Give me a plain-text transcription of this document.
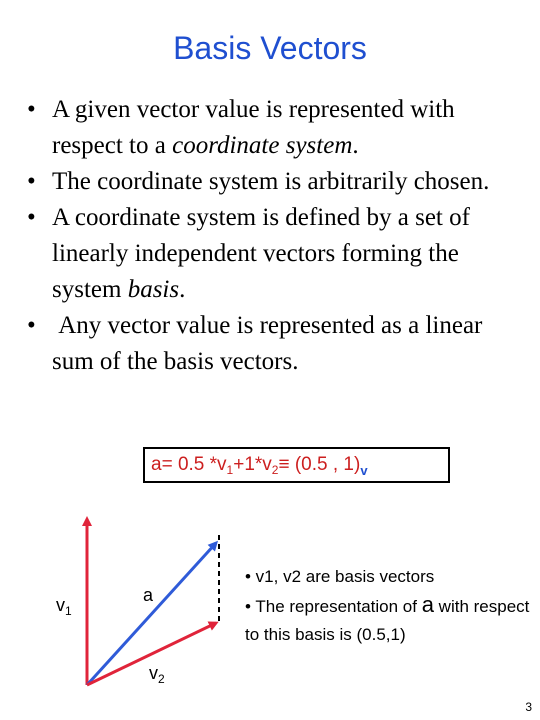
Basis Vectors

• A given vector value is represented with respect to a coordinate system.

• The coordinate system is arbitrarily chosen.

• A coordinate system is defined by a set of linearly independent vectors forming the system basis.

• Any vector value is represented as a linear sum of the basis vectors.

a= 0.5 $*v_1+1*v_2\equiv (0.5$ , $1)_v$
$v_1$
a
$v_2$
• v1, v2 are basis vectors
• The representation of a with respect to this basis is (0.5,1)
3
